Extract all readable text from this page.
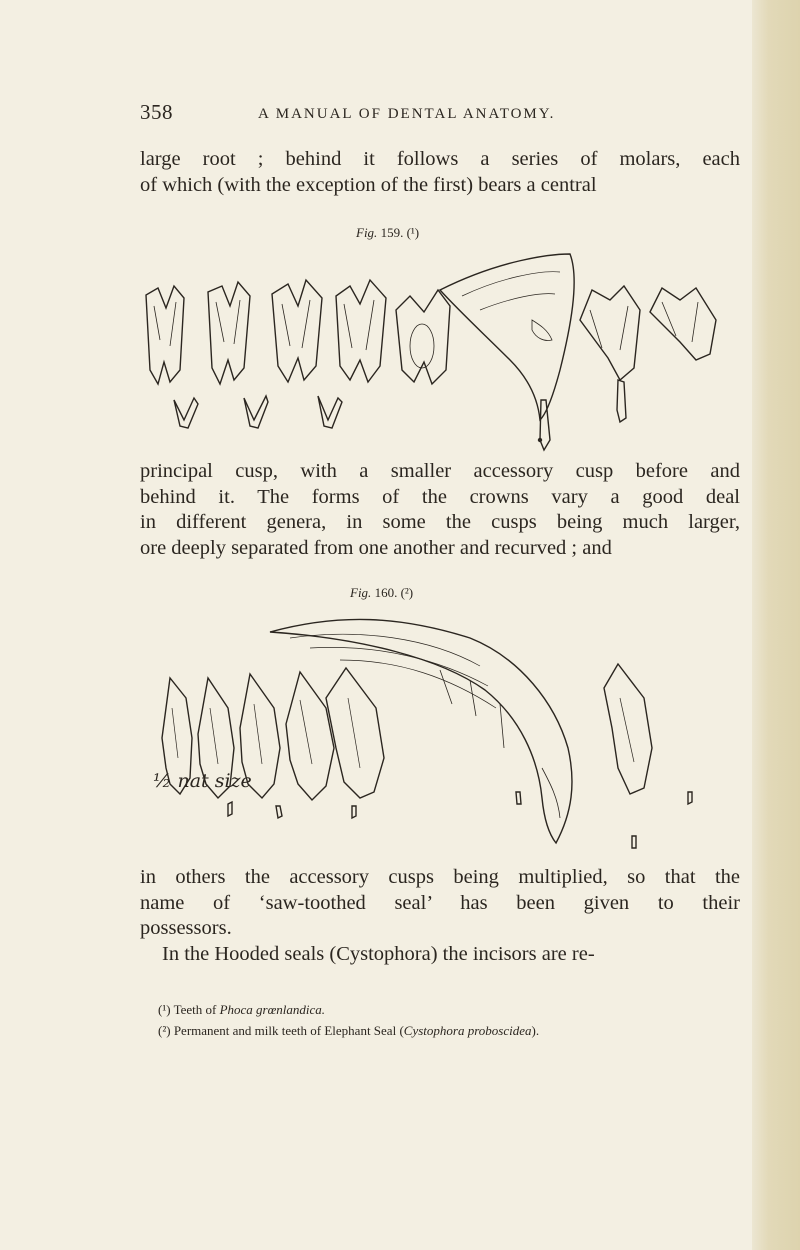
358	A MANUAL OF DENTAL ANATOMY.

large root ; behind it follows a series of molars, each
of which (with the exception of the first) bears a central

Fig. 159. (¹)

principal cusp, with a smaller accessory cusp before and
behind it. The forms of the crowns vary a good deal
in different genera, in some the cusps being much larger,
ore deeply separated from one another and recurved ; and

Fig. 160. (²)
½ nat size

in others the accessory cusps being multiplied, so that the
name of ‘saw-toothed seal’ has been given to their
possessors.
In the Hooded seals (Cystophora) the incisors are re-

(¹) Teeth of Phoca grœnlandica.
(²) Permanent and milk teeth of Elephant Seal (Cystophora proboscidea).
